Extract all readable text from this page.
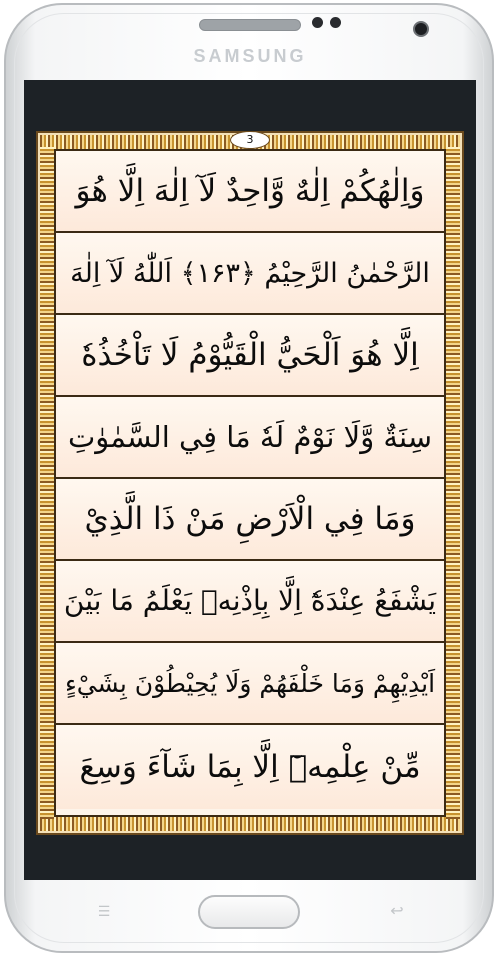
SAMSUNG
3
وَاِلٰهُكُمْ اِلٰهٌ وَّاحِدٌ لَآ اِلٰهَ اِلَّا هُوَ
الرَّحْمٰنُ الرَّحِيْمُ ﴿۱۶۳﴾ اَللّٰهُ لَآ اِلٰهَ
اِلَّا هُوَ اَلْحَيُّ الْقَيُّوْمُ لَا تَاْخُذُهٗ
سِنَةٌ وَّلَا نَوْمٌ لَهٗ مَا فِي السَّمٰوٰتِ
وَمَا فِي الْاَرْضِ مَنْ ذَا الَّذِيْ
يَشْفَعُ عِنْدَهٗٓ اِلَّا بِاِذْنِهٖ يَعْلَمُ مَا بَيْنَ
اَيْدِيْهِمْ وَمَا خَلْفَهُمْ وَلَا يُحِيْطُوْنَ بِشَيْءٍ
مِّنْ عِلْمِهٖٓ اِلَّا بِمَا شَآءَ وَسِعَ
☰	↩
